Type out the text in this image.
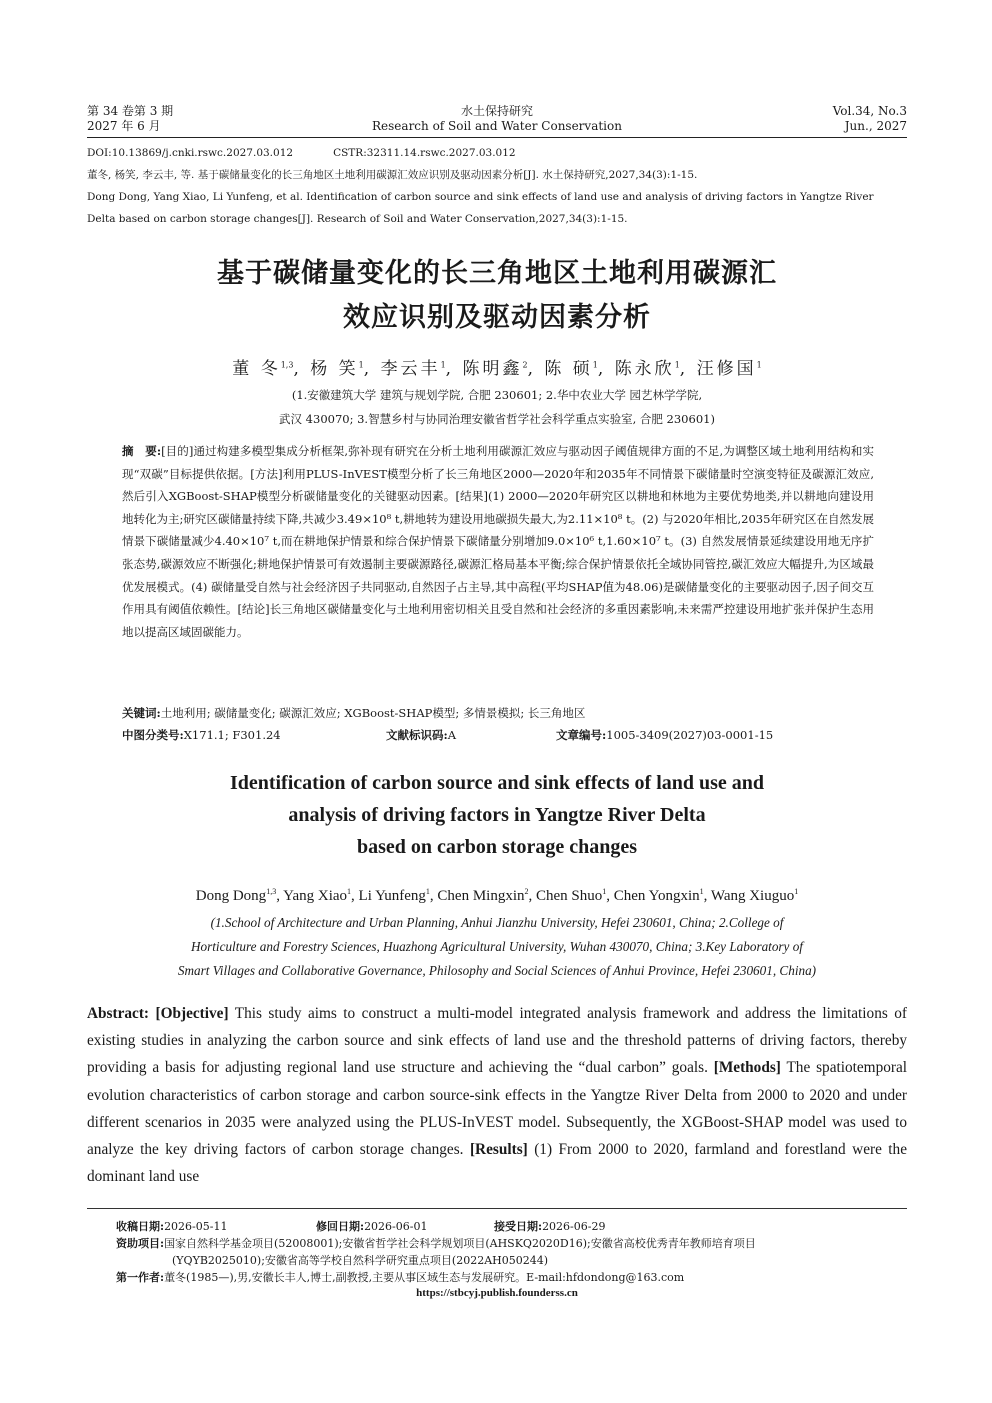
第 34 卷第 3 期
2027 年 6 月
水土保持研究
Research of Soil and Water Conservation
Vol.34, No.3
Jun., 2027
DOI:10.13869/j.cnki.rswc.2027.03.012	CSTR:32311.14.rswc.2027.03.012
董冬, 杨笑, 李云丰, 等. 基于碳储量变化的长三角地区土地利用碳源汇效应识别及驱动因素分析[J]. 水土保持研究,2027,34(3):1-15.
Dong Dong, Yang Xiao, Li Yunfeng, et al. Identification of carbon source and sink effects of land use and analysis of driving factors in Yangtze River
Delta based on carbon storage changes[J]. Research of Soil and Water Conservation,2027,34(3):1-15.
基于碳储量变化的长三角地区土地利用碳源汇
效应识别及驱动因素分析
董 冬$^{1,3}$, 杨 笑$^1$, 李云丰$^1$, 陈明鑫$^2$, 陈 硕$^1$, 陈永欣$^1$, 汪修国$^1$
(1.安徽建筑大学 建筑与规划学院, 合肥 230601; 2.华中农业大学 园艺林学学院,
武汉 430070; 3.智慧乡村与协同治理安徽省哲学社会科学重点实验室, 合肥 230601)
摘　要:[目的]通过构建多模型集成分析框架,弥补现有研究在分析土地利用碳源汇效应与驱动因子阈值规律方面的不足,为调整区域土地利用结构和实现“双碳”目标提供依据。[方法]利用PLUS-InVEST模型分析了长三角地区2000—2020年和2035年不同情景下碳储量时空演变特征及碳源汇效应,然后引入XGBoost-SHAP模型分析碳储量变化的关键驱动因素。[结果](1) 2000—2020年研究区以耕地和林地为主要优势地类,并以耕地向建设用地转化为主;研究区碳储量持续下降,共减少3.49×10⁸ t,耕地转为建设用地碳损失最大,为2.11×10⁸ t。(2) 与2020年相比,2035年研究区在自然发展情景下碳储量减少4.40×10⁷ t,而在耕地保护情景和综合保护情景下碳储量分别增加9.0×10⁶ t,1.60×10⁷ t。(3) 自然发展情景延续建设用地无序扩张态势,碳源效应不断强化;耕地保护情景可有效遏制主要碳源路径,碳源汇格局基本平衡;综合保护情景依托全域协同管控,碳汇效应大幅提升,为区域最优发展模式。(4) 碳储量受自然与社会经济因子共同驱动,自然因子占主导,其中高程(平均SHAP值为48.06)是碳储量变化的主要驱动因子,因子间交互作用具有阈值依赖性。[结论]长三角地区碳储量变化与土地利用密切相关且受自然和社会经济的多重因素影响,未来需严控建设用地扩张并保护生态用地以提高区域固碳能力。
关键词:土地利用; 碳储量变化; 碳源汇效应; XGBoost-SHAP模型; 多情景模拟; 长三角地区
中图分类号:X171.1; F301.24	文献标识码:A	文章编号:1005-3409(2027)03-0001-15
Identification of carbon source and sink effects of land use and
analysis of driving factors in Yangtze River Delta
based on carbon storage changes
Dong Dong$^{1,3}$, Yang Xiao$^1$, Li Yunfeng$^1$, Chen Mingxin$^2$, Chen Shuo$^1$, Chen Yongxin$^1$, Wang Xiuguo$^1$
(1.School of Architecture and Urban Planning, Anhui Jianzhu University, Hefei 230601, China; 2.College of
Horticulture and Forestry Sciences, Huazhong Agricultural University, Wuhan 430070, China; 3.Key Laboratory of
Smart Villages and Collaborative Governance, Philosophy and Social Sciences of Anhui Province, Hefei 230601, China)
Abstract: [Objective] This study aims to construct a multi-model integrated analysis framework and address the limitations of existing studies in analyzing the carbon source and sink effects of land use and the threshold patterns of driving factors, thereby providing a basis for adjusting regional land use structure and achieving the “dual carbon” goals. [Methods] The spatiotemporal evolution characteristics of carbon storage and carbon source-sink effects in the Yangtze River Delta from 2000 to 2020 and under different scenarios in 2035 were analyzed using the PLUS-InVEST model. Subsequently, the XGBoost-SHAP model was used to analyze the key driving factors of carbon storage changes. [Results] (1) From 2000 to 2020, farmland and forestland were the dominant land use
收稿日期:2026-05-11	修回日期:2026-06-01	接受日期:2026-06-29
资助项目:国家自然科学基金项目(52008001);安徽省哲学社会科学规划项目(AHSKQ2020D16);安徽省高校优秀青年教师培育项目
(YQYB2025010);安徽省高等学校自然科学研究重点项目(2022AH050244)
第一作者:董冬(1985—),男,安徽长丰人,博士,副教授,主要从事区域生态与发展研究。E-mail:hfdondong@163.com
https://stbcyj.publish.founderss.cn
